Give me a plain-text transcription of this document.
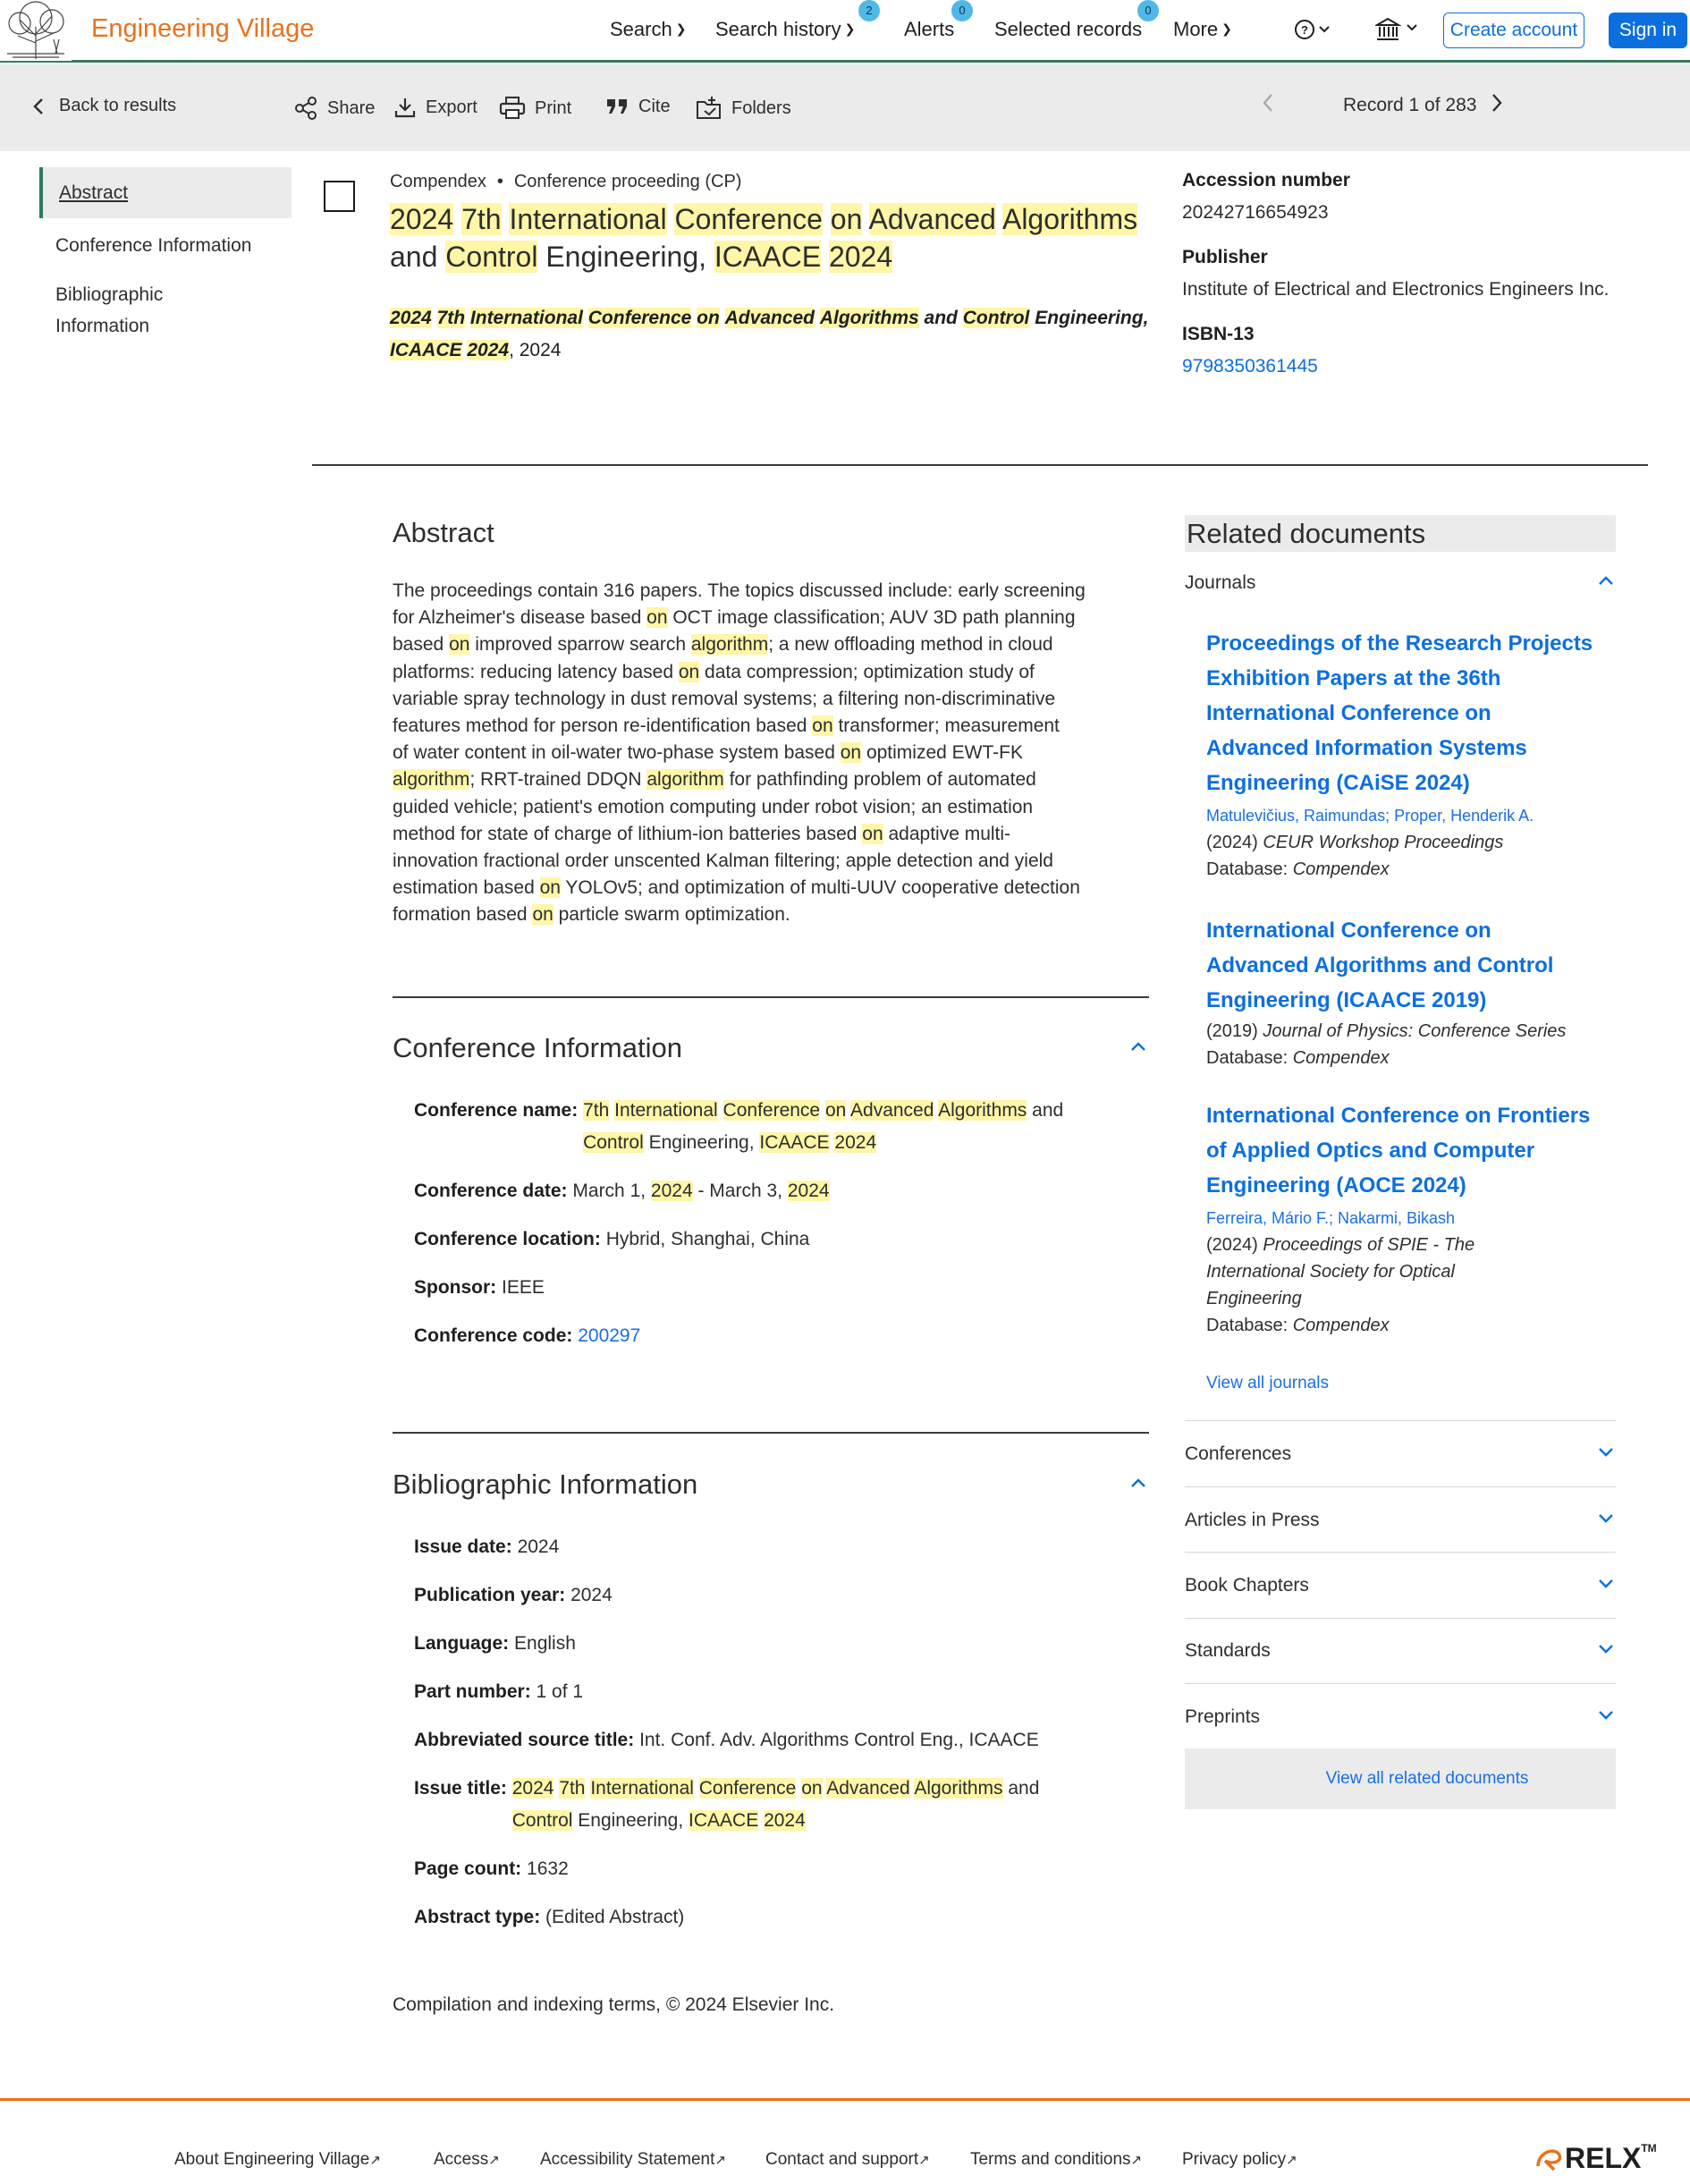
Engineering Village	Search ❯ Search history ❯
2
Alerts
0
Selected records
0
More ❯	?	Create account	Sign in
Back to results	Share	Export	Print	Cite	Folders	Record 1 of 283
Abstract
Conference Information
Bibliographic
Information
Compendex • Conference proceeding (CP)
2024 7th International Conference on Advanced Algorithms
and Control Engineering, ICAACE 2024
2024 7th International Conference on Advanced Algorithms and Control Engineering,
ICAACE 2024, 2024
Accession number
20242716654923
Publisher
Institute of Electrical and Electronics Engineers Inc.
ISBN-13
9798350361445
Abstract
The proceedings contain 316 papers. The topics discussed include: early screening
for Alzheimer's disease based on OCT image classification; AUV 3D path planning
based on improved sparrow search algorithm; a new offloading method in cloud
platforms: reducing latency based on data compression; optimization study of
variable spray technology in dust removal systems; a filtering non-discriminative
features method for person re-identification based on transformer; measurement
of water content in oil-water two-phase system based on optimized EWT-FK
algorithm; RRT-trained DDQN algorithm for pathfinding problem of automated
guided vehicle; patient's emotion computing under robot vision; an estimation
method for state of charge of lithium-ion batteries based on adaptive multi-
innovation fractional order unscented Kalman filtering; apple detection and yield
estimation based on YOLOv5; and optimization of multi-UUV cooperative detection
formation based on particle swarm optimization.
Conference Information
Conference name: 7th International Conference on Advanced Algorithms and
Control Engineering, ICAACE 2024
Conference date: March 1, 2024 - March 3, 2024
Conference location: Hybrid, Shanghai, China
Sponsor: IEEE
Conference code: 200297
Bibliographic Information
Issue date: 2024
Publication year: 2024
Language: English
Part number: 1 of 1
Abbreviated source title: Int. Conf. Adv. Algorithms Control Eng., ICAACE
Issue title: 2024 7th International Conference on Advanced Algorithms and
Control Engineering, ICAACE 2024
Page count: 1632
Abstract type: (Edited Abstract)
Compilation and indexing terms, © 2024 Elsevier Inc.
Related documents
Journals
Proceedings of the Research Projects
Exhibition Papers at the 36th
International Conference on
Advanced Information Systems
Engineering (CAiSE 2024)
Matulevičius, Raimundas; Proper, Henderik A.
(2024) CEUR Workshop Proceedings
Database: Compendex
International Conference on
Advanced Algorithms and Control
Engineering (ICAACE 2019)
(2019) Journal of Physics: Conference Series
Database: Compendex
International Conference on Frontiers
of Applied Optics and Computer
Engineering (AOCE 2024)
Ferreira, Mário F.; Nakarmi, Bikash
(2024) Proceedings of SPIE - The
International Society for Optical
Engineering
Database: Compendex
View all journals
Conferences
Articles in Press
Book Chapters
Standards
Preprints
View all related documents
About Engineering Village↗	Access↗ Accessibility Statement↗ Contact and support↗ Terms and conditions↗ Privacy policy↗	RELX™
